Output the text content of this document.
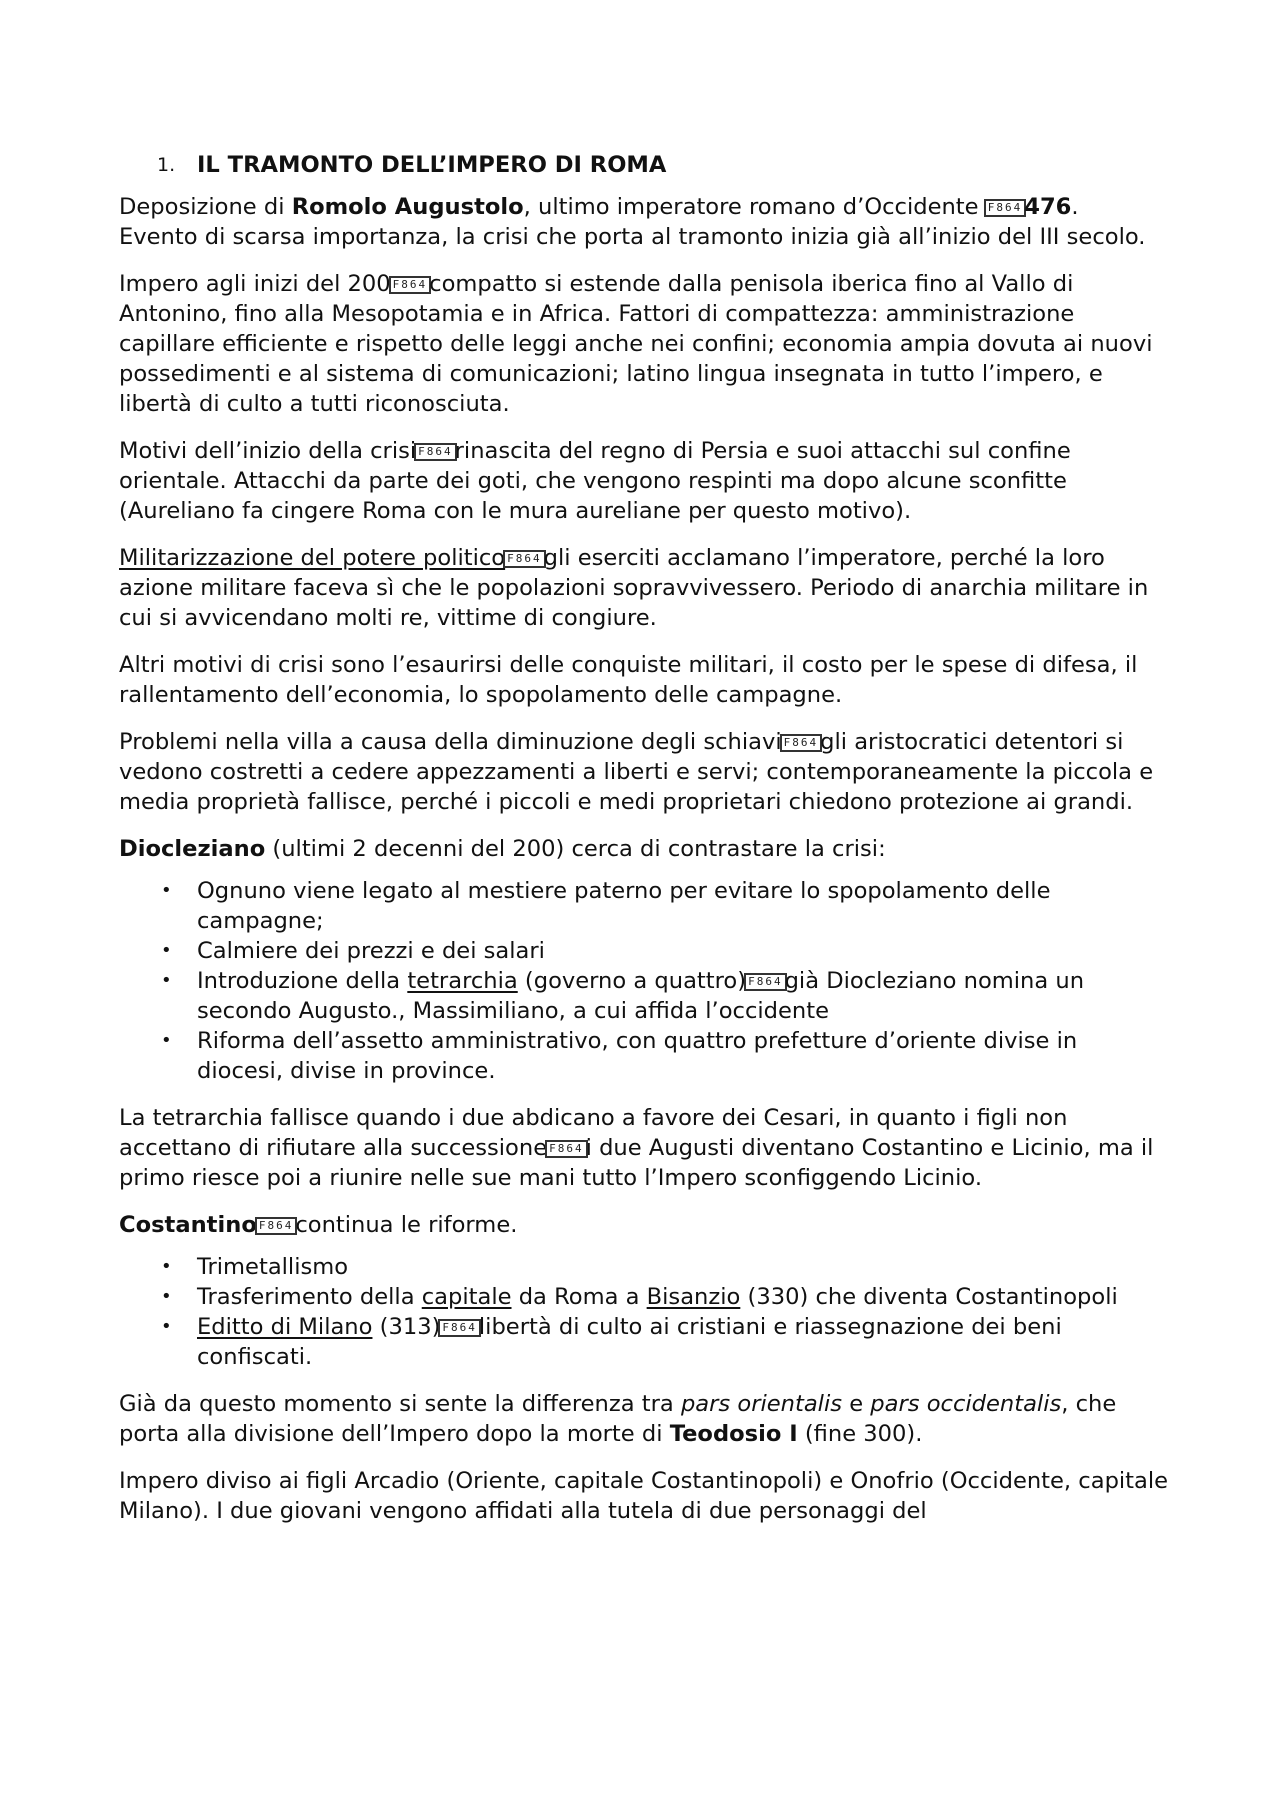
1. IL TRAMONTO DELL’IMPERO DI ROMA

Deposizione di Romolo Augustolo, ultimo imperatore romano d’Occidente F864476.
Evento di scarsa importanza, la crisi che porta al tramonto inizia già all’inizio del III secolo.

Impero agli inizi del 200 F864compatto si estende dalla penisola iberica fino al Vallo di Antonino, fino alla Mesopotamia e in Africa. Fattori di compattezza: amministrazione capillare efficiente e rispetto delle leggi anche nei confini; economia ampia dovuta ai nuovi possedimenti e al sistema di comunicazioni; latino lingua insegnata in tutto l’impero, e libertà di culto a tutti riconosciuta.

Motivi dell’inizio della crisi F864rinascita del regno di Persia e suoi attacchi sul confine orientale. Attacchi da parte dei goti, che vengono respinti ma dopo alcune sconfitte (Aureliano fa cingere Roma con le mura aureliane per questo motivo).

Militarizzazione del potere politico F864gli eserciti acclamano l’imperatore, perché la loro azione militare faceva sì che le popolazioni sopravvivessero. Periodo di anarchia militare in cui si avvicendano molti re, vittime di congiure.

Altri motivi di crisi sono l’esaurirsi delle conquiste militari, il costo per le spese di difesa, il rallentamento dell’economia, lo spopolamento delle campagne.

Problemi nella villa a causa della diminuzione degli schiavi F864gli aristocratici detentori si vedono costretti a cedere appezzamenti a liberti e servi; contemporaneamente la piccola e media proprietà fallisce, perché i piccoli e medi proprietari chiedono protezione ai grandi.

Diocleziano (ultimi 2 decenni del 200) cerca di contrastare la crisi:

• Ognuno viene legato al mestiere paterno per evitare lo spopolamento delle campagne;
• Calmiere dei prezzi e dei salari
• Introduzione della tetrarchia (governo a quattro) F864già Diocleziano nomina un secondo Augusto., Massimiliano, a cui affida l’occidente
• Riforma dell’assetto amministrativo, con quattro prefetture d’oriente divise in diocesi, divise in province.

La tetrarchia fallisce quando i due abdicano a favore dei Cesari, in quanto i figli non accettano di rifiutare alla successione F864i due Augusti diventano Costantino e Licinio, ma il primo riesce poi a riunire nelle sue mani tutto l’Impero sconfiggendo Licinio.

Costantino F864continua le riforme.

• Trimetallismo
• Trasferimento della capitale da Roma a Bisanzio (330) che diventa Costantinopoli
• Editto di Milano (313) F864libertà di culto ai cristiani e riassegnazione dei beni confiscati.

Già da questo momento si sente la differenza tra pars orientalis e pars occidentalis, che porta alla divisione dell’Impero dopo la morte di Teodosio I (fine 300).

Impero diviso ai figli Arcadio (Oriente, capitale Costantinopoli) e Onofrio (Occidente, capitale Milano). I due giovani vengono affidati alla tutela di due personaggi del
